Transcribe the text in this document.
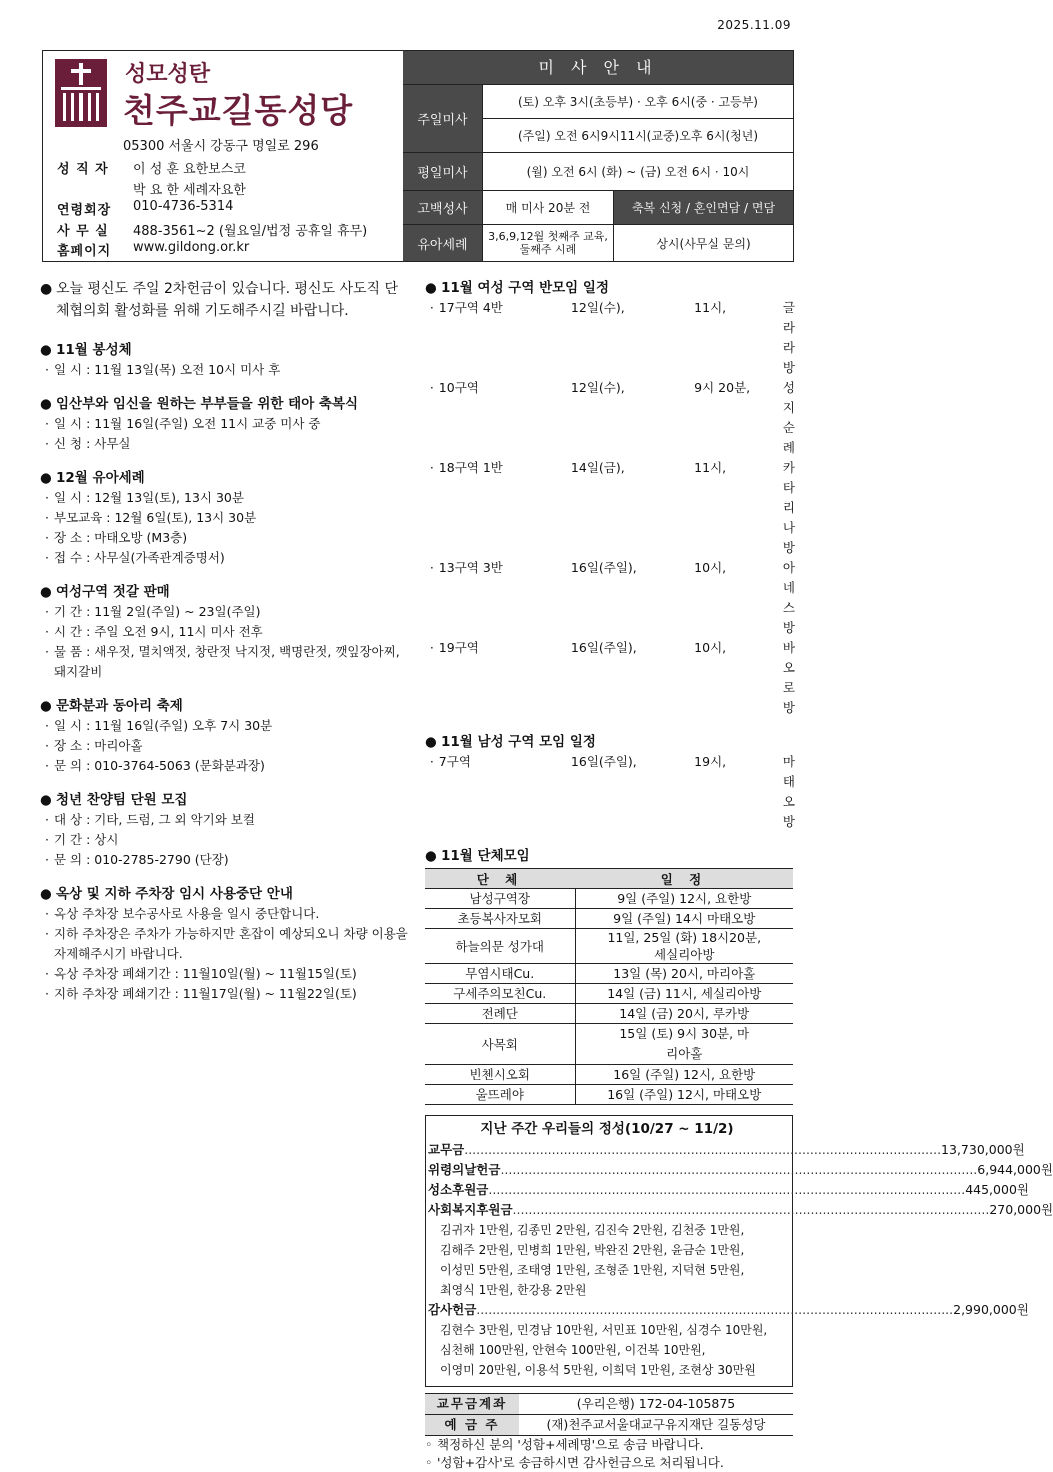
2025.11.09
성모성탄
천주교길동성당
05300 서울시 강동구 명일로 296
성 직 자	이 성 훈 요한보스코
박 요 한 세례자요한
연령회장	010-4736-5314
사 무 실	488-3561~2 (월요일/법정 공휴일 휴무)
홈페이지	www.gildong.or.kr
미 사 안 내
주일미사
(토) 오후 3시(초등부) · 오후 6시(중 · 고등부)
(주일) 오전 6시9시11시(교중)오후 6시(청년)
평일미사	(월) 오전 6시 (화) ~ (금) 오전 6시 · 10시
고백성사	매 미사 20분 전	축복 신청 / 혼인면담 / 면담
유아세례
3,6,9,12월 첫째주 교육, 둘째주 시례	상시(사무실 문의)
● 오늘 평신도 주일 2차헌금이 있습니다. 평신도 사도직 단체협의회 활성화를 위해 기도해주시길 바랍니다.
● 11월 봉성체
· 일 시 : 11월 13일(목) 오전 10시 미사 후
● 임산부와 임신을 원하는 부부들을 위한 태아 축복식
· 일 시 : 11월 16일(주일) 오전 11시 교중 미사 중
· 신 청 : 사무실
● 12월 유아세례
· 일 시 : 12월 13일(토), 13시 30분
· 부모교육 : 12월 6일(토), 13시 30분
· 장 소 : 마태오방 (M3층)
· 접 수 : 사무실(가족관계증명서)
● 여성구역 젓갈 판매
· 기 간 : 11월 2일(주일) ~ 23일(주일)
· 시 간 : 주일 오전 9시, 11시 미사 전후
· 물 품 : 새우젓, 멸치액젓, 창란젓 낙지젓, 백명란젓, 깻잎장아찌, 돼지갈비
● 문화분과 동아리 축제
· 일 시 : 11월 16일(주일) 오후 7시 30분
· 장 소 : 마리아홀
· 문 의 : 010-3764-5063 (문화분과장)
● 청년 찬양팀 단원 모집
· 대 상 : 기타, 드럼, 그 외 악기와 보컬
· 기 간 : 상시
· 문 의 : 010-2785-2790 (단장)
● 옥상 및 지하 주차장 임시 사용중단 안내
· 옥상 주차장 보수공사로 사용을 일시 중단합니다.
· 지하 주차장은 주차가 가능하지만 혼잡이 예상되오니 차량 이용을 자제해주시기 바랍니다.
· 옥상 주차장 폐쇄기간 : 11월10일(월) ~ 11월15일(토)
· 지하 주차장 폐쇄기간 : 11월17일(월) ~ 11월22일(토)
● 11월 여성 구역 반모임 일정
· 17구역 4반	12일(수),	11시,	글라라방
· 10구역	12일(수),	9시 20분,	성지순례
· 18구역 1반	14일(금),	11시,	카타리나방
· 13구역 3반	16일(주일),	10시,	아네스방
· 19구역	16일(주일),	10시,	바오로방
● 11월 남성 구역 모임 일정
· 7구역	16일(주일),	19시,	마태오방
● 11월 단체모임
단 체	일 정
남성구역장	9일 (주일) 12시, 요한방
초등복사자모회	9일 (주일) 14시 마태오방
하늘의문 성가대	11일, 25일 (화) 18시20분, 세실리아방
무염시태Cu.	13일 (목) 20시, 마리아홀
구세주의모친Cu.	14일 (금) 11시, 세실리아방
전례단	14일 (금) 20시, 루카방
사목회	15일 (토) 9시 30분, 마리아홀
빈첸시오회	16일 (주일) 12시, 요한방
울뜨레야	16일 (주일) 12시, 마태오방
지난 주간 우리들의 정성(10/27 ~ 11/2)
교무금 .....	13,730,000원
위령의날헌금 .....	6,944,000원
성소후원금 .....	445,000원
사회복지후원금 .....	270,000원
김귀자 1만원, 김종민 2만원, 김진숙 2만원, 김천중 1만원,
김해주 2만원, 민병희 1만원, 박완진 2만원, 윤금순 1만원,
이성민 5만원, 조태영 1만원, 조형준 1만원, 지덕현 5만원,
최영식 1만원, 한강용 2만원
감사헌금 .....	2,990,000원
김현수 3만원, 민경남 10만원, 서민표 10만원, 심경수 10만원,
심천해 100만원, 안현숙 100만원, 이건복 10만원,
이영미 20만원, 이용석 5만원, 이희덕 1만원, 조현상 30만원
교무금계좌	(우리은행) 172-04-105875
예 금 주	(재)천주교서울대교구유지재단 길동성당
◦ 책정하신 분의 '성함+세례명'으로 송금 바랍니다.
◦ '성함+감사'로 송금하시면 감사헌금으로 처리됩니다.
